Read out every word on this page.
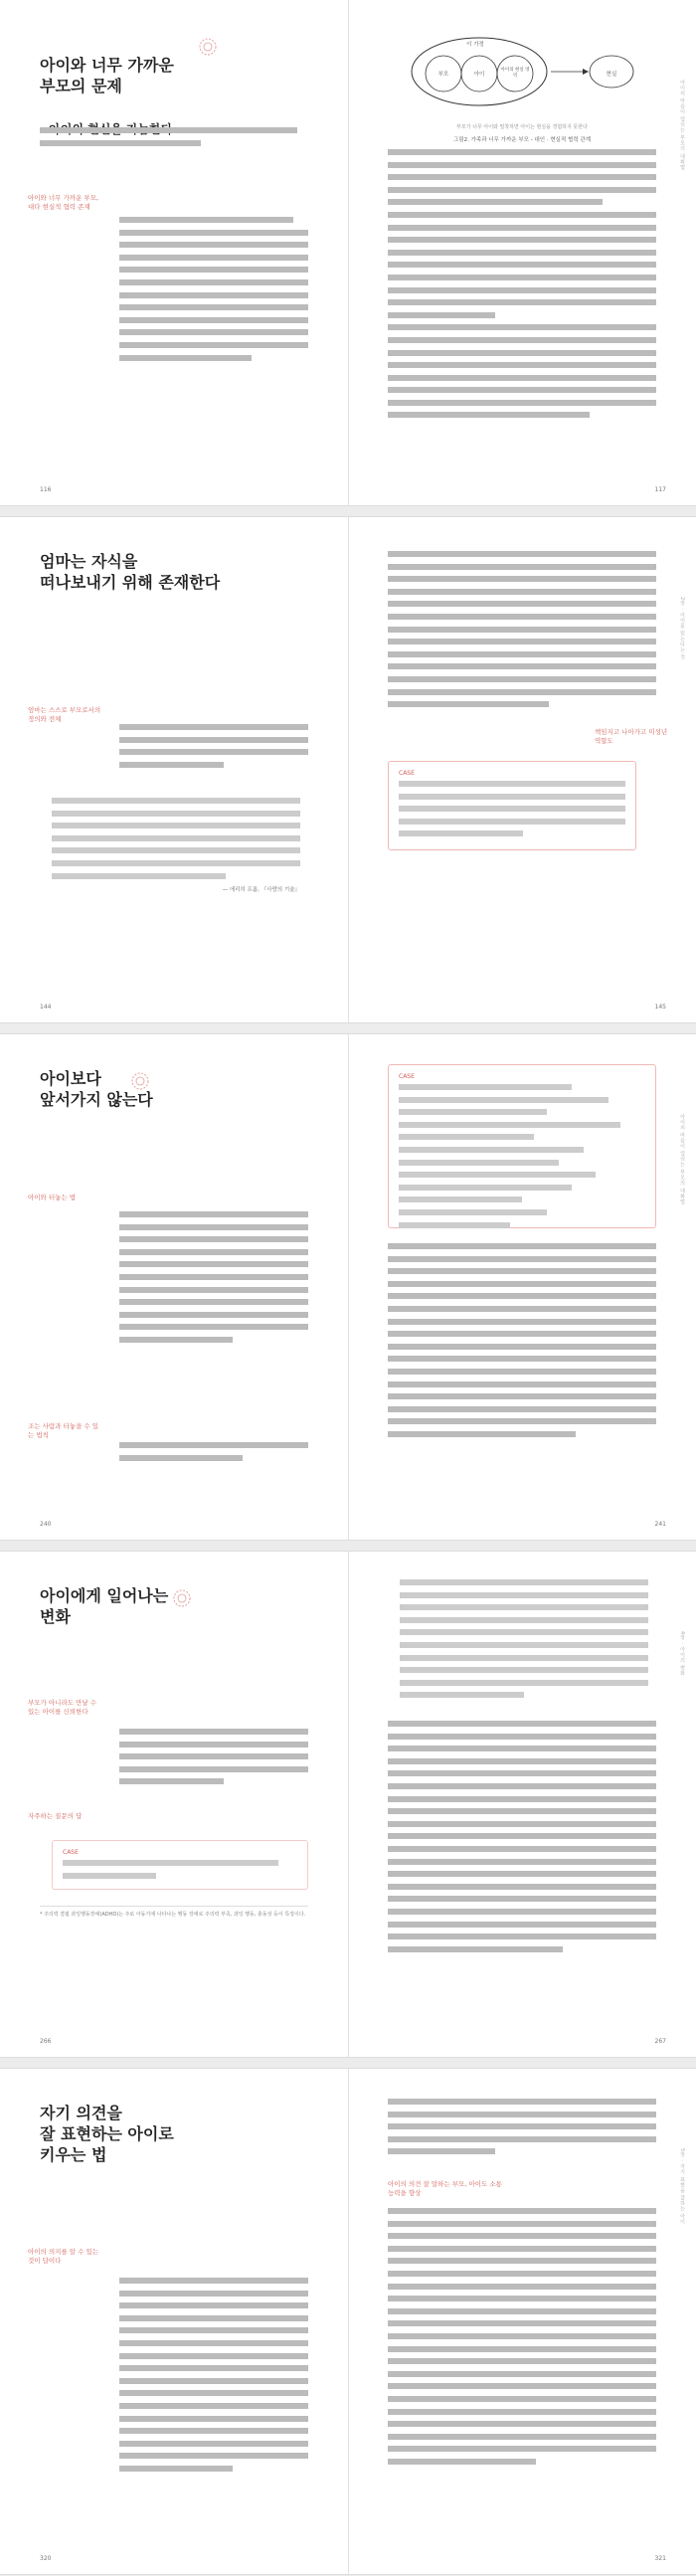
아이와 너무 가까운
부모의 문제

아이와 너무 가까운 부모, 대다 현실적 협력 존재
116
부모	아이
아이의 현실 영역
이 가정
현실
부모가 너무 아이와 밀착하면 아이는 현실을 경험하지 못한다
그림2. 가족과 너무 가까운 부모 - 대인 · 현실적 협력 관계	아이의 마음이 열리는 부모의 대화법
117
엄마는 자식을
떠나보내기 위해 존재한다
엄마는 스스로 부모로서의 정의와 전체
— 에리히 프롬, 『사랑의 기술』
144
책임지고 나아가고 미성년 역할도
CASE
2장 · 아이를 믿는다는 것
145
아이보다
앞서가지 않는다
아이와 터놓는 법
조는 사람과 터놓을 수 있는 법칙
240
CASE
아이의 마음이 열리는 부모의 대화법
241
아이에게 일어나는
변화
부모가 아니라도 만날 수 있는 아이를 신뢰한다
자주하는 질문의 답
CASE
* 주의력 결핍 과잉행동장애(ADHD)는 주로 아동기에 나타나는 행동 장애로 주의력 부족, 과잉 행동, 충동성 등이 특징이다.
266
4장 · 아이의 변화
267
자기 의견을
잘 표현하는 아이로
키우는 법
아이의 의지를 알 수 있는 것이 답이다
320
아이의 의견 잘 말하는 부모, 아이도 소통능력을 향상	5장 · 자기 표현을 잘하는 아이
321
